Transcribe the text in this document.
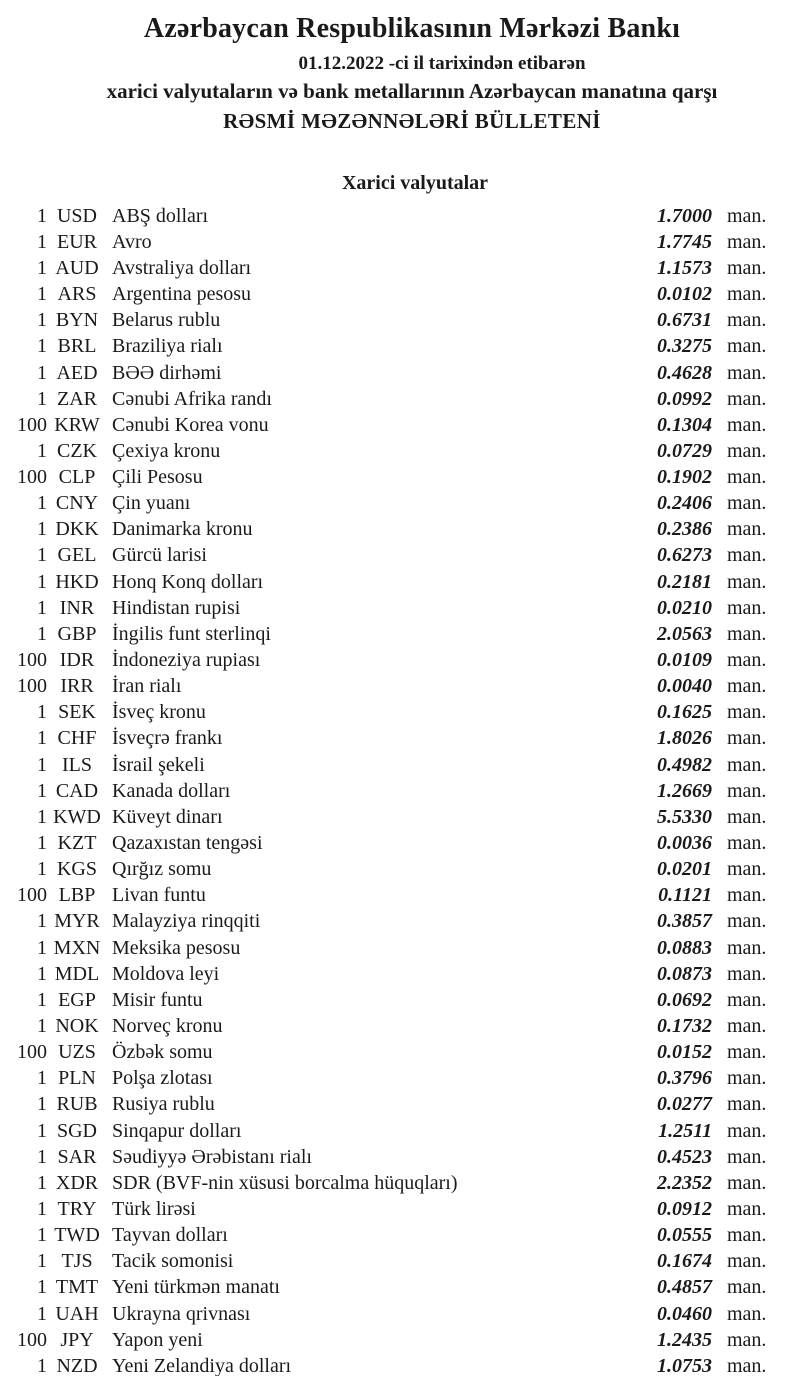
Azərbaycan Respublikasının Mərkəzi Bankı
01.12.2022 -ci il tarixindən etibarən
xarici valyutaların və bank metallarının Azərbaycan manatına qarşı
RƏSMİ MƏZƏNNƏLƏRİ BÜLLETENİ
Xarici valyutalar
1 USD ABŞ dolları	1.7000 man.
1 EUR Avro	1.7745 man.
1 AUD Avstraliya dolları	1.1573 man.
1 ARS Argentina pesosu	0.0102 man.
1 BYN Belarus rublu	0.6731 man.
1 BRL Braziliya rialı	0.3275 man.
1 AED BƏƏ dirhəmi	0.4628 man.
1 ZAR Cənubi Afrika randı	0.0992 man.
100 KRW Cənubi Korea vonu	0.1304 man.
1 CZK Çexiya kronu	0.0729 man.
100 CLP Çili Pesosu	0.1902 man.
1 CNY Çin yuanı	0.2406 man.
1 DKK Danimarka kronu	0.2386 man.
1 GEL Gürcü larisi	0.6273 man.
1 HKD Honq Konq dolları	0.2181 man.
1 INR Hindistan rupisi	0.0210 man.
1 GBP İngilis funt sterlinqi	2.0563 man.
100 IDR İndoneziya rupiası	0.0109 man.
100 IRR İran rialı	0.0040 man.
1 SEK İsveç kronu	0.1625 man.
1 CHF İsveçrə frankı	1.8026 man.
1 ILS	İsrail şekeli	0.4982 man.
1 CAD Kanada dolları	1.2669 man.
1 KWD Küveyt dinarı	5.5330 man.
1 KZT Qazaxıstan tengəsi	0.0036 man.
1 KGS Qırğız somu	0.0201 man.
100 LBP Livan funtu	0.1121 man.
1 MYR Malayziya rinqqiti	0.3857 man.
1 MXN Meksika pesosu	0.0883 man.
1 MDL Moldova leyi	0.0873 man.
1 EGP Misir funtu	0.0692 man.
1 NOK Norveç kronu	0.1732 man.
100 UZS Özbək somu	0.0152 man.
1 PLN Polşa zlotası	0.3796 man.
1 RUB Rusiya rublu	0.0277 man.
1 SGD Sinqapur dolları	1.2511 man.
1 SAR Səudiyyə Ərəbistanı rialı	0.4523 man.
1 XDR SDR (BVF-nin xüsusi borcalma hüquqları)	2.2352 man.
1 TRY Türk lirəsi	0.0912 man.
1 TWD Tayvan dolları	0.0555 man.
1 TJS Tacik somonisi	0.1674 man.
1 TMT Yeni türkmən manatı	0.4857 man.
1 UAH Ukrayna qrivnası	0.0460 man.
100 JPY Yapon yeni	1.2435 man.
1 NZD Yeni Zelandiya dolları	1.0753 man.
